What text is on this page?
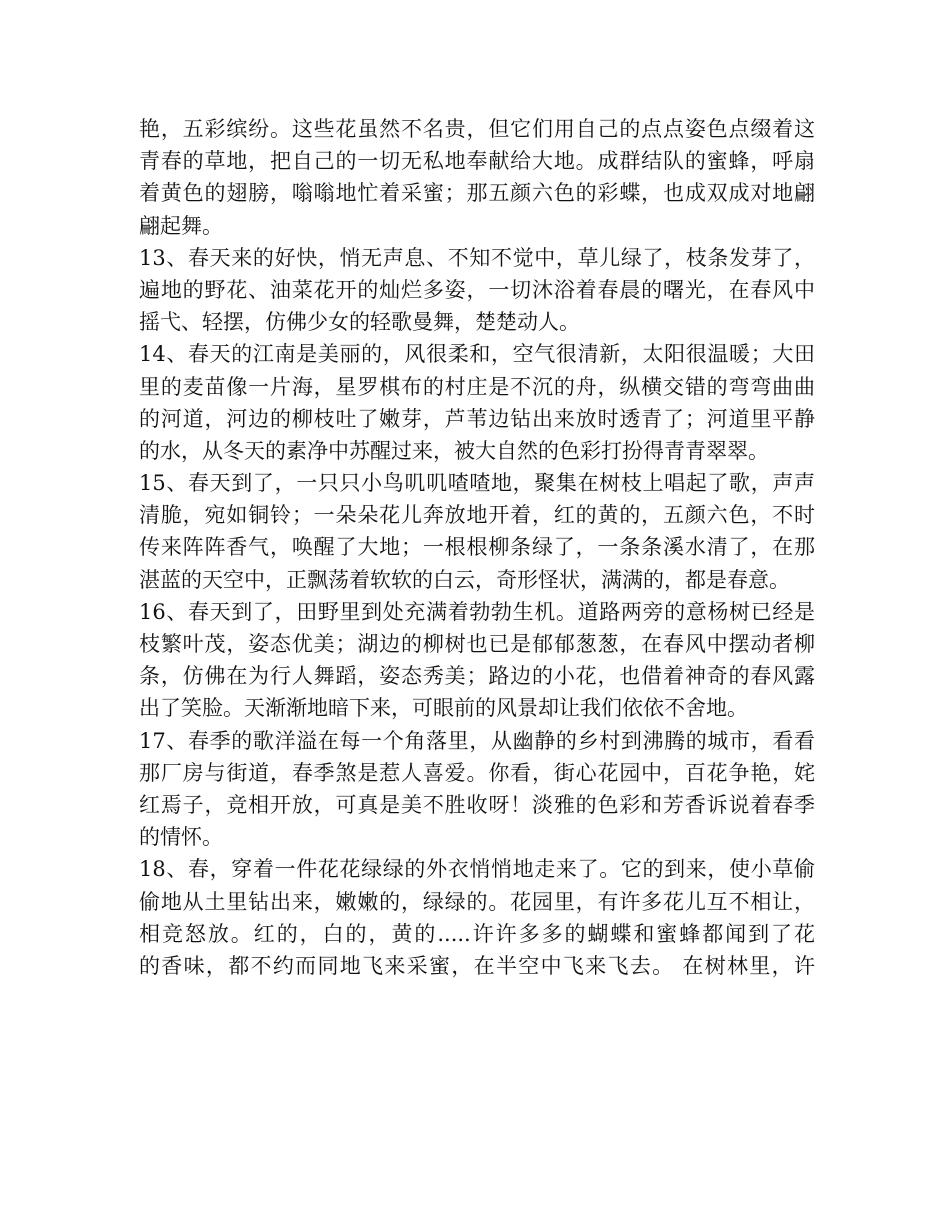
艳，五彩缤纷。这些花虽然不名贵，但它们用自己的点点姿色点缀着这
青春的草地，把自己的一切无私地奉献给大地。成群结队的蜜蜂，呼扇
着黄色的翅膀，嗡嗡地忙着采蜜；那五颜六色的彩蝶，也成双成对地翩
翩起舞。
13、春天来的好快，悄无声息、不知不觉中，草儿绿了，枝条发芽了，
遍地的野花、油菜花开的灿烂多姿，一切沐浴着春晨的曙光，在春风中
摇弋、轻摆，仿佛少女的轻歌曼舞，楚楚动人。
14、春天的江南是美丽的，风很柔和，空气很清新，太阳很温暖；大田
里的麦苗像一片海，星罗棋布的村庄是不沉的舟，纵横交错的弯弯曲曲
的河道，河边的柳枝吐了嫩芽，芦苇边钻出来放时透青了；河道里平静
的水，从冬天的素净中苏醒过来，被大自然的色彩打扮得青青翠翠。
15、春天到了，一只只小鸟叽叽喳喳地，聚集在树枝上唱起了歌，声声
清脆，宛如铜铃；一朵朵花儿奔放地开着，红的黄的，五颜六色，不时
传来阵阵香气，唤醒了大地；一根根柳条绿了，一条条溪水清了，在那
湛蓝的天空中，正飘荡着软软的白云，奇形怪状，满满的，都是春意。
16、春天到了，田野里到处充满着勃勃生机。道路两旁的意杨树已经是
枝繁叶茂，姿态优美；湖边的柳树也已是郁郁葱葱，在春风中摆动者柳
条，仿佛在为行人舞蹈，姿态秀美；路边的小花，也借着神奇的春风露
出了笑脸。天渐渐地暗下来，可眼前的风景却让我们依依不舍地。
17、春季的歌洋溢在每一个角落里，从幽静的乡村到沸腾的城市，看看
那厂房与街道，春季煞是惹人喜爱。你看，街心花园中，百花争艳，姹
红焉子，竞相开放，可真是美不胜收呀！淡雅的色彩和芳香诉说着春季
的情怀。
18、春，穿着一件花花绿绿的外衣悄悄地走来了。它的到来，使小草偷
偷地从土里钻出来，嫩嫩的，绿绿的。花园里，有许多花儿互不相让，
相竞怒放。红的，白的，黄的.....许许多多的蝴蝶和蜜蜂都闻到了花
的香味，都不约而同地飞来采蜜，在半空中飞来飞去。 在树林里，许
